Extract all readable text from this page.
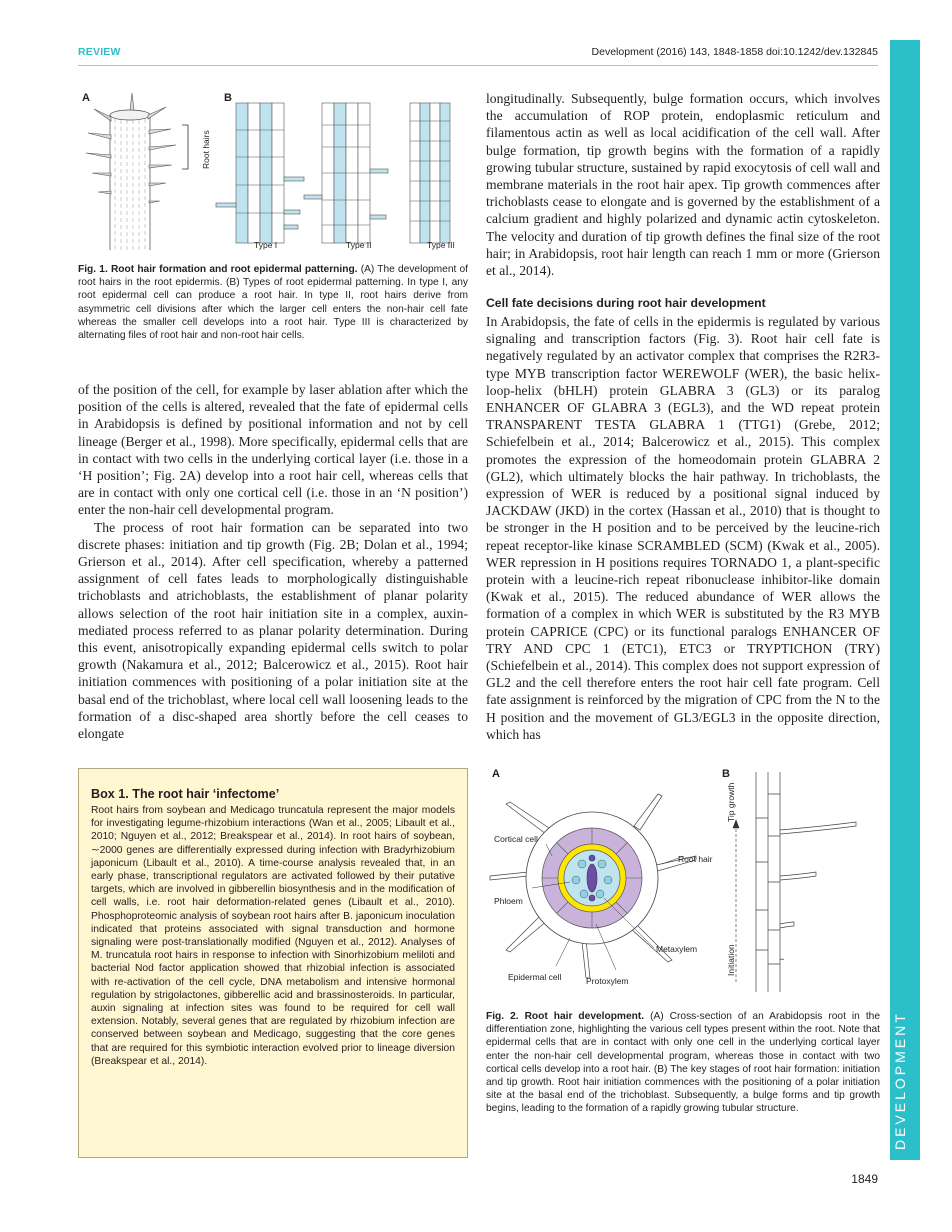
REVIEW	Development (2016) 143, 1848-1858 doi:10.1242/dev.132845
DEVELOPMENT
A	B
Root hairs
Type I	Type II	Type III
Fig. 1. Root hair formation and root epidermal patterning. (A) The development of root hairs in the root epidermis. (B) Types of root epidermal patterning. In type I, any root epidermal cell can produce a root hair. In type II, root hairs derive from asymmetric cell divisions after which the larger cell enters the non-hair cell fate whereas the smaller cell develops into a root hair. Type III is characterized by alternating files of root hair and non-root hair cells.

of the position of the cell, for example by laser ablation after which the position of the cells is altered, revealed that the fate of epidermal cells in Arabidopsis is defined by positional information and not by cell lineage (Berger et al., 1998). More specifically, epidermal cells that are in contact with two cells in the underlying cortical layer (i.e. those in a ‘H position’; Fig. 2A) develop into a root hair cell, whereas cells that are in contact with only one cortical cell (i.e. those in an ‘N position’) enter the non-hair cell developmental program.

The process of root hair formation can be separated into two discrete phases: initiation and tip growth (Fig. 2B; Dolan et al., 1994; Grierson et al., 2014). After cell specification, whereby a patterned assignment of cell fates leads to morphologically distinguishable trichoblasts and atrichoblasts, the establishment of planar polarity allows selection of the root hair initiation site in a complex, auxin-mediated process referred to as planar polarity determination. During this event, anisotropically expanding epidermal cells switch to polar growth (Nakamura et al., 2012; Balcerowicz et al., 2015). Root hair initiation commences with positioning of a polar initiation site at the basal end of the trichoblast, where local cell wall loosening leads to the formation of a disc-shaped area shortly before the cell ceases to elongate

Box 1. The root hair ‘infectome’
Root hairs from soybean and Medicago truncatula represent the major models for investigating legume-rhizobium interactions (Wan et al., 2005; Libault et al., 2010; Nguyen et al., 2012; Breakspear et al., 2014). In root hairs of soybean, ∼2000 genes are differentially expressed during infection with Bradyrhizobium japonicum (Libault et al., 2010). A time-course analysis revealed that, in an early phase, transcriptional regulators are activated followed by their putative targets, which are involved in gibberellin biosynthesis and in the modification of cell walls, i.e. root hair deformation-related genes (Libault et al., 2010). Phosphoproteomic analysis of soybean root hairs after B. japonicum inoculation indicated that proteins associated with signal transduction and hormone signaling were post-translationally modified (Nguyen et al., 2012). Analyses of M. truncatula root hairs in response to infection with Sinorhizobium meliloti and bacterial Nod factor application showed that rhizobial infection is associated with re-activation of the cell cycle, DNA metabolism and intensive hormonal regulation by strigolactones, gibberellic acid and brassinosteroids. In particular, auxin signaling at infection sites was found to be required for cell wall extension. Notably, several genes that are regulated by rhizobium infection are conserved between soybean and Medicago, suggesting that the core genes that are required for this symbiotic interaction evolved prior to lineage diversion (Breakspear et al., 2014).

longitudinally. Subsequently, bulge formation occurs, which involves the accumulation of ROP protein, endoplasmic reticulum and filamentous actin as well as local acidification of the cell wall. After bulge formation, tip growth begins with the formation of a rapidly growing tubular structure, sustained by rapid exocytosis of cell wall and membrane materials in the root hair apex. Tip growth commences after trichoblasts cease to elongate and is governed by the establishment of a calcium gradient and highly polarized and dynamic actin cytoskeleton. The velocity and duration of tip growth defines the final size of the root hair; in Arabidopsis, root hair length can reach 1 mm or more (Grierson et al., 2014).

Cell fate decisions during root hair development

In Arabidopsis, the fate of cells in the epidermis is regulated by various signaling and transcription factors (Fig. 3). Root hair cell fate is negatively regulated by an activator complex that comprises the R2R3-type MYB transcription factor WEREWOLF (WER), the basic helix-loop-helix (bHLH) protein GLABRA 3 (GL3) or its paralog ENHANCER OF GLABRA 3 (EGL3), and the WD repeat protein TRANSPARENT TESTA GLABRA 1 (TTG1) (Grebe, 2012; Schiefelbein et al., 2014; Balcerowicz et al., 2015). This complex promotes the expression of the homeodomain protein GLABRA 2 (GL2), which ultimately blocks the hair pathway. In trichoblasts, the expression of WER is reduced by a positional signal induced by JACKDAW (JKD) in the cortex (Hassan et al., 2010) that is thought to be stronger in the H position and to be perceived by the leucine-rich repeat receptor-like kinase SCRAMBLED (SCM) (Kwak et al., 2005). WER repression in H positions requires TORNADO 1, a plant-specific protein with a leucine-rich repeat ribonuclease inhibitor-like domain (Kwak et al., 2015). The reduced abundance of WER allows the formation of a complex in which WER is substituted by the R3 MYB protein CAPRICE (CPC) or its functional paralogs ENHANCER OF TRY AND CPC 1 (ETC1), ETC3 or TRYPTICHON (TRY) (Schiefelbein et al., 2014). This complex does not support expression of GL2 and the cell therefore enters the root hair cell fate program. Cell fate assignment is reinforced by the migration of CPC from the N to the H position and the movement of GL3/EGL3 in the opposite direction, which has

A	B
Cortical cell
Phloem
Epidermal cell	Protoxylem
Metaxylem
Root hair
Tip growth
Initiation
Fig. 2. Root hair development. (A) Cross-section of an Arabidopsis root in the differentiation zone, highlighting the various cell types present within the root. Note that epidermal cells that are in contact with only one cell in the underlying cortical layer enter the non-hair cell developmental program, whereas those in contact with two cortical cells develop into a root hair. (B) The key stages of root hair formation: initiation and tip growth. Root hair initiation commences with the positioning of a polar initiation site at the basal end of the trichoblast. Subsequently, a bulge forms and tip growth begins, leading to the formation of a rapidly growing tubular structure.
1849
